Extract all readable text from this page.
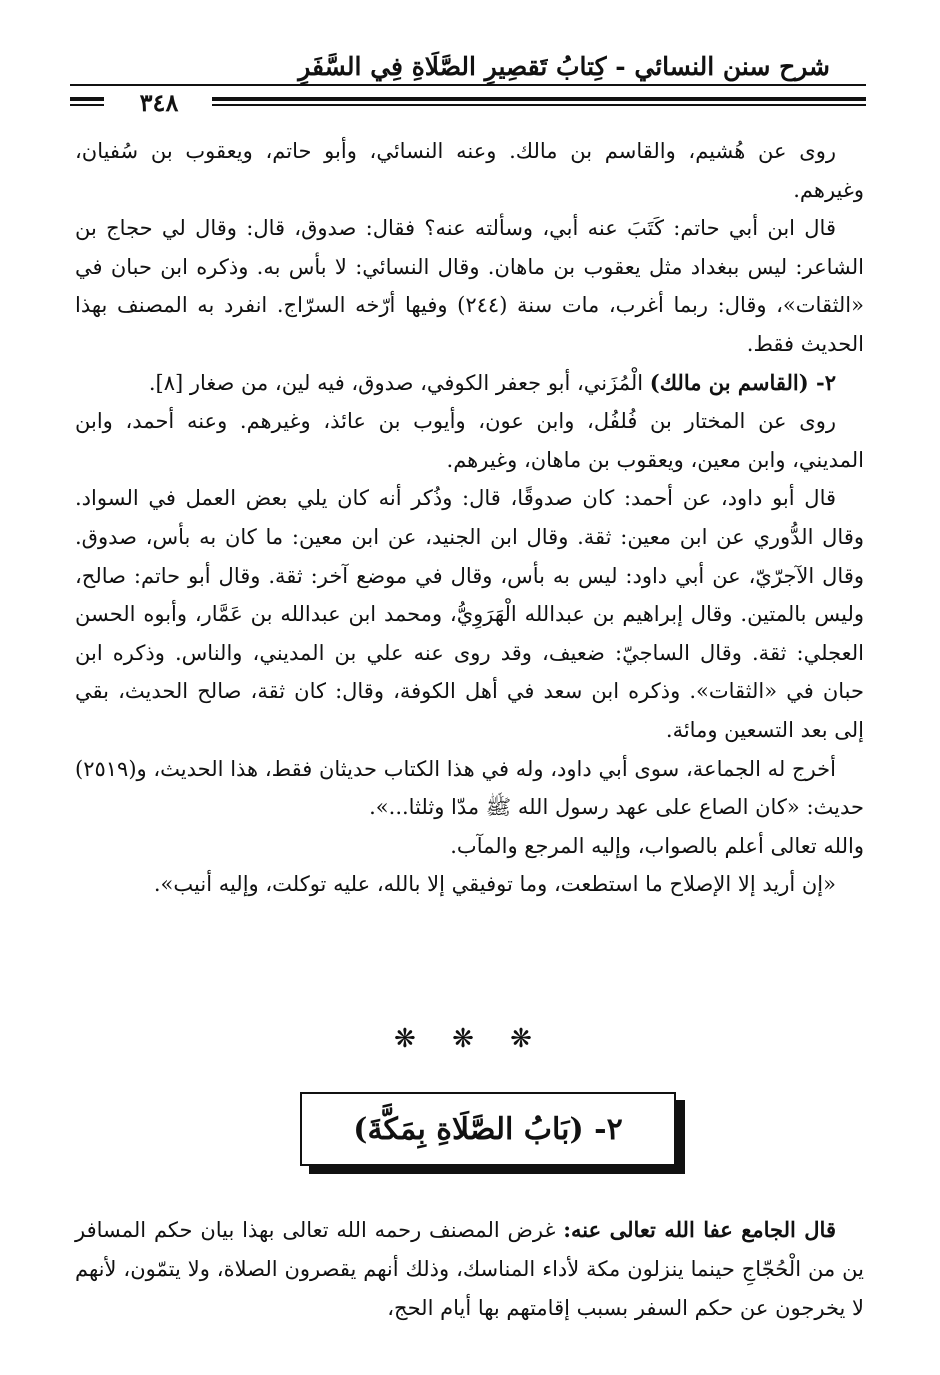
شرح سنن النسائي - كِتابُ تَقصِيرِ الصَّلَاةِ فِي السَّفَرِ
٣٤٨

روى عن هُشيم، والقاسم بن مالك. وعنه النسائي، وأبو حاتم، ويعقوب بن سُفيان، وغيرهم.

قال ابن أبي حاتم: كَتَبَ عنه أبي، وسألته عنه؟ فقال: صدوق، قال: وقال لي حجاج بن الشاعر: ليس ببغداد مثل يعقوب بن ماهان. وقال النسائي: لا بأس به. وذكره ابن حبان في «الثقات»، وقال: ربما أغرب، مات سنة (٢٤٤) وفيها أرّخه السرّاج. انفرد به المصنف بهذا الحديث فقط.

٢- (القاسم بن مالك) الْمُزَني، أبو جعفر الكوفي، صدوق، فيه لين، من صغار [٨].

روى عن المختار بن فُلفُل، وابن عون، وأيوب بن عائذ، وغيرهم. وعنه أحمد، وابن المديني، وابن معين، ويعقوب بن ماهان، وغيرهم.

قال أبو داود، عن أحمد: كان صدوقًا، قال: وذُكر أنه كان يلي بعض العمل في السواد. وقال الدُّوري عن ابن معين: ثقة. وقال ابن الجنيد، عن ابن معين: ما كان به بأس، صدوق. وقال الآجرّيّ، عن أبي داود: ليس به بأس، وقال في موضع آخر: ثقة. وقال أبو حاتم: صالح، وليس بالمتين. وقال إبراهيم بن عبدالله الْهَرَوِيُّ، ومحمد ابن عبدالله بن عَمَّار، وأبوه الحسن العجلي: ثقة. وقال الساجيّ: ضعيف، وقد روى عنه علي بن المديني، والناس. وذكره ابن حبان في «الثقات». وذكره ابن سعد في أهل الكوفة، وقال: كان ثقة، صالح الحديث، بقي إلى بعد التسعين ومائة.

أخرج له الجماعة، سوى أبي داود، وله في هذا الكتاب حديثان فقط، هذا الحديث، و(٢٥١٩) حديث: «كان الصاع على عهد رسول الله ﷺ مدّا وثلثا...».

والله تعالى أعلم بالصواب، وإليه المرجع والمآب.

«إن أريد إلا الإصلاح ما استطعت، وما توفيقي إلا بالله، عليه توكلت، وإليه أنيب».

❋ ❋ ❋
٢- (بَابُ الصَّلَاةِ بِمَكَّةَ)

قال الجامع عفا الله تعالى عنه: غرض المصنف رحمه الله تعالى بهذا بيان حكم المسافر ين من الْحُجّاجِ حينما ينزلون مكة لأداء المناسك، وذلك أنهم يقصرون الصلاة، ولا يتمّون، لأنهم لا يخرجون عن حكم السفر بسبب إقامتهم بها أيام الحج،
